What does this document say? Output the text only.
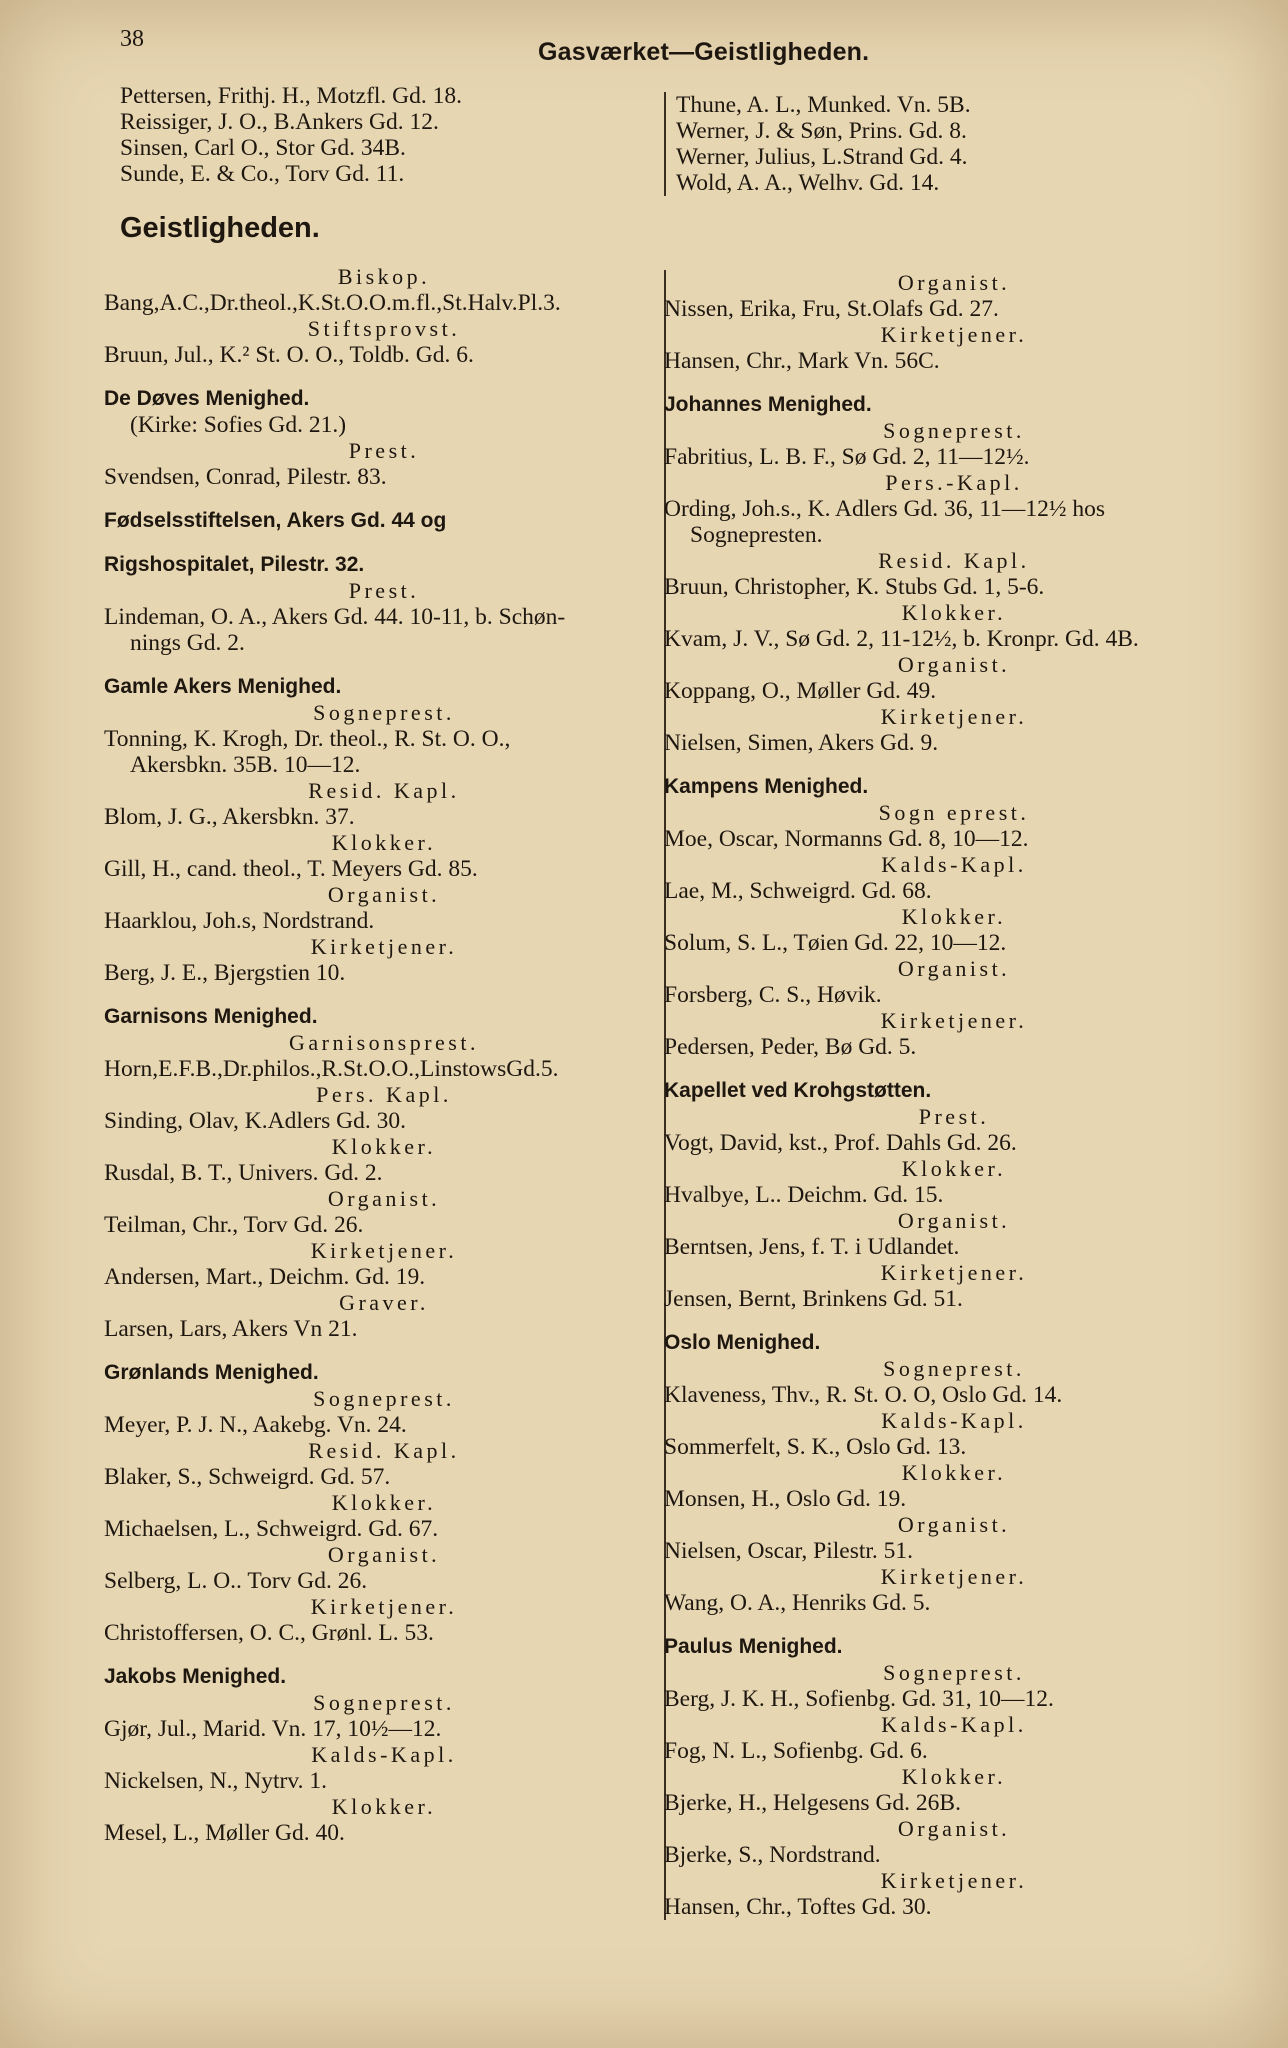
38	Gasværket—Geistligheden.
Pettersen, Frithj. H., Motzfl. Gd. 18.
Reissiger, J. O., B.Ankers Gd. 12.
Sinsen, Carl O., Stor Gd. 34B.
Sunde, E. & Co., Torv Gd. 11.
Thune, A. L., Munked. Vn. 5B.
Werner, J. & Søn, Prins. Gd. 8.
Werner, Julius, L.Strand Gd. 4.
Wold, A. A., Welhv. Gd. 14.
Geistligheden.
Biskop.
Bang,A.C.,Dr.theol.,K.St.O.O.m.fl.,St.Halv.Pl.3.
Stiftsprovst.
Bruun, Jul., K.² St. O. O., Toldb. Gd. 6.
De Døves Menighed.
(Kirke: Sofies Gd. 21.)
Prest.
Svendsen, Conrad, Pilestr. 83.
Fødselsstiftelsen, Akers Gd. 44 og
Rigshospitalet, Pilestr. 32.
Prest.
Lindeman, O. A., Akers Gd. 44. 10-11, b. Schøn-
nings Gd. 2.
Gamle Akers Menighed.
Sogneprest.
Tonning, K. Krogh, Dr. theol., R. St. O. O.,
Akersbkn. 35B. 10—12.
Resid. Kapl.
Blom, J. G., Akersbkn. 37.
Klokker.
Gill, H., cand. theol., T. Meyers Gd. 85.
Organist.
Haarklou, Joh.s, Nordstrand.
Kirketjener.
Berg, J. E., Bjergstien 10.
Garnisons Menighed.
Garnisonsprest.
Horn,E.F.B.,Dr.philos.,R.St.O.O.,LinstowsGd.5.
Pers. Kapl.
Sinding, Olav, K.Adlers Gd. 30.
Klokker.
Rusdal, B. T., Univers. Gd. 2.
Organist.
Teilman, Chr., Torv Gd. 26.
Kirketjener.
Andersen, Mart., Deichm. Gd. 19.
Graver.
Larsen, Lars, Akers Vn 21.
Grønlands Menighed.
Sogneprest.
Meyer, P. J. N., Aakebg. Vn. 24.
Resid. Kapl.
Blaker, S., Schweigrd. Gd. 57.
Klokker.
Michaelsen, L., Schweigrd. Gd. 67.
Organist.
Selberg, L. O.. Torv Gd. 26.
Kirketjener.
Christoffersen, O. C., Grønl. L. 53.
Jakobs Menighed.
Sogneprest.
Gjør, Jul., Marid. Vn. 17, 10½—12.
Kalds-Kapl.
Nickelsen, N., Nytrv. 1.
Klokker.
Mesel, L., Møller Gd. 40.
Organist.
Nissen, Erika, Fru, St.Olafs Gd. 27.
Kirketjener.
Hansen, Chr., Mark Vn. 56C.
Johannes Menighed.
Sogneprest.
Fabritius, L. B. F., Sø Gd. 2, 11—12½.
Pers.-Kapl.
Ording, Joh.s., K. Adlers Gd. 36, 11—12½ hos
Sognepresten.
Resid. Kapl.
Bruun, Christopher, K. Stubs Gd. 1, 5-6.
Klokker.
Kvam, J. V., Sø Gd. 2, 11-12½, b. Kronpr. Gd. 4B.
Organist.
Koppang, O., Møller Gd. 49.
Kirketjener.
Nielsen, Simen, Akers Gd. 9.
Kampens Menighed.
Sogn eprest.
Moe, Oscar, Normanns Gd. 8, 10—12.
Kalds-Kapl.
Lae, M., Schweigrd. Gd. 68.
Klokker.
Solum, S. L., Tøien Gd. 22, 10—12.
Organist.
Forsberg, C. S., Høvik.
Kirketjener.
Pedersen, Peder, Bø Gd. 5.
Kapellet ved Krohgstøtten.
Prest.
Vogt, David, kst., Prof. Dahls Gd. 26.
Klokker.
Hvalbye, L.. Deichm. Gd. 15.
Organist.
Berntsen, Jens, f. T. i Udlandet.
Kirketjener.
Jensen, Bernt, Brinkens Gd. 51.
Oslo Menighed.
Sogneprest.
Klaveness, Thv., R. St. O. O, Oslo Gd. 14.
Kalds-Kapl.
Sommerfelt, S. K., Oslo Gd. 13.
Klokker.
Monsen, H., Oslo Gd. 19.
Organist.
Nielsen, Oscar, Pilestr. 51.
Kirketjener.
Wang, O. A., Henriks Gd. 5.
Paulus Menighed.
Sogneprest.
Berg, J. K. H., Sofienbg. Gd. 31, 10—12.
Kalds-Kapl.
Fog, N. L., Sofienbg. Gd. 6.
Klokker.
Bjerke, H., Helgesens Gd. 26B.
Organist.
Bjerke, S., Nordstrand.
Kirketjener.
Hansen, Chr., Toftes Gd. 30.
